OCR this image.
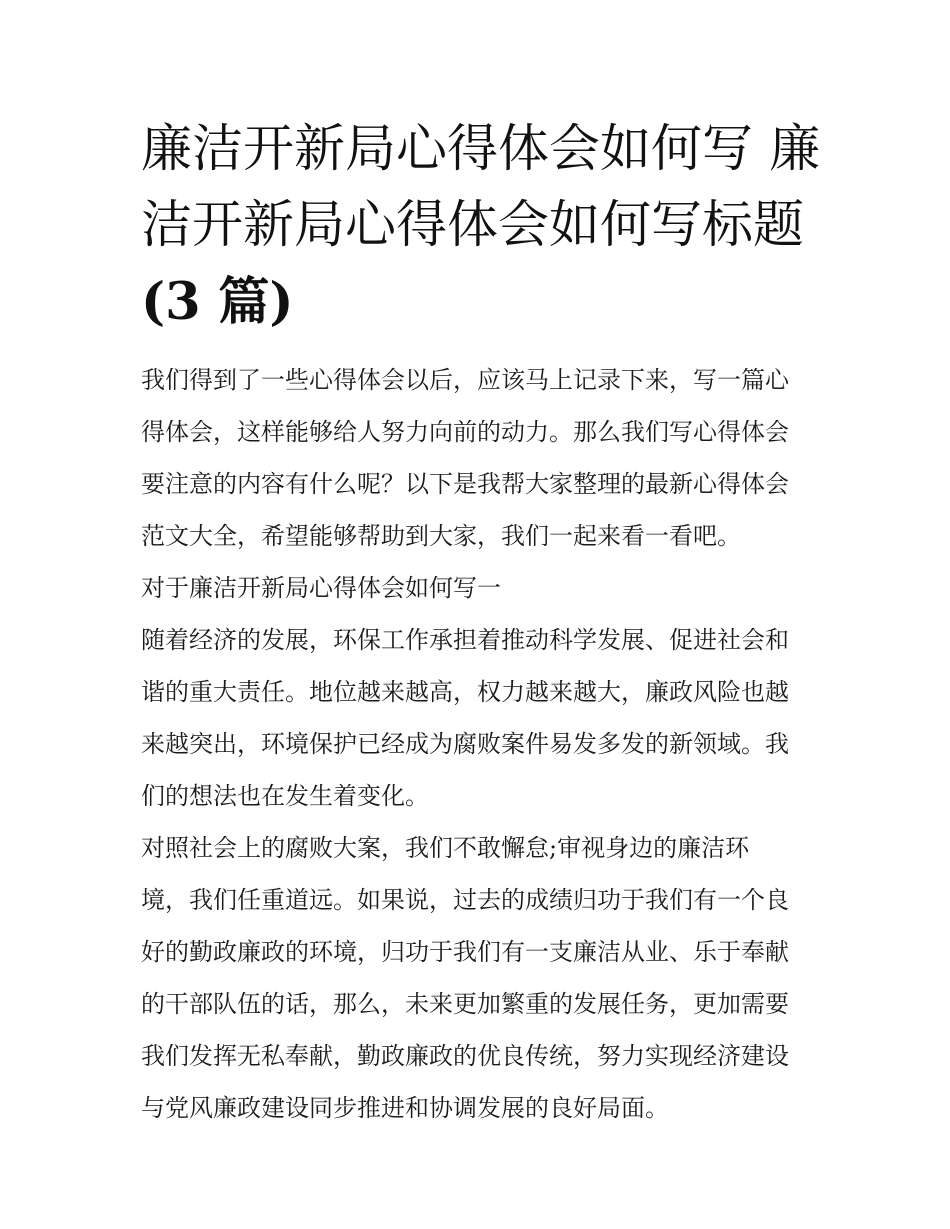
廉洁开新局心得体会如何写 廉
洁开新局心得体会如何写标题
(3 篇)

我们得到了一些心得体会以后，应该马上记录下来，写一篇心
得体会，这样能够给人努力向前的动力。那么我们写心得体会
要注意的内容有什么呢？以下是我帮大家整理的最新心得体会
范文大全，希望能够帮助到大家，我们一起来看一看吧。

对于廉洁开新局心得体会如何写一

随着经济的发展，环保工作承担着推动科学发展、促进社会和
谐的重大责任。地位越来越高，权力越来越大，廉政风险也越
来越突出，环境保护已经成为腐败案件易发多发的新领域。我
们的想法也在发生着变化。

对照社会上的腐败大案，我们不敢懈怠;审视身边的廉洁环
境，我们任重道远。如果说，过去的成绩归功于我们有一个良
好的勤政廉政的环境，归功于我们有一支廉洁从业、乐于奉献
的干部队伍的话，那么，未来更加繁重的发展任务，更加需要
我们发挥无私奉献，勤政廉政的优良传统，努力实现经济建设
与党风廉政建设同步推进和协调发展的良好局面。
